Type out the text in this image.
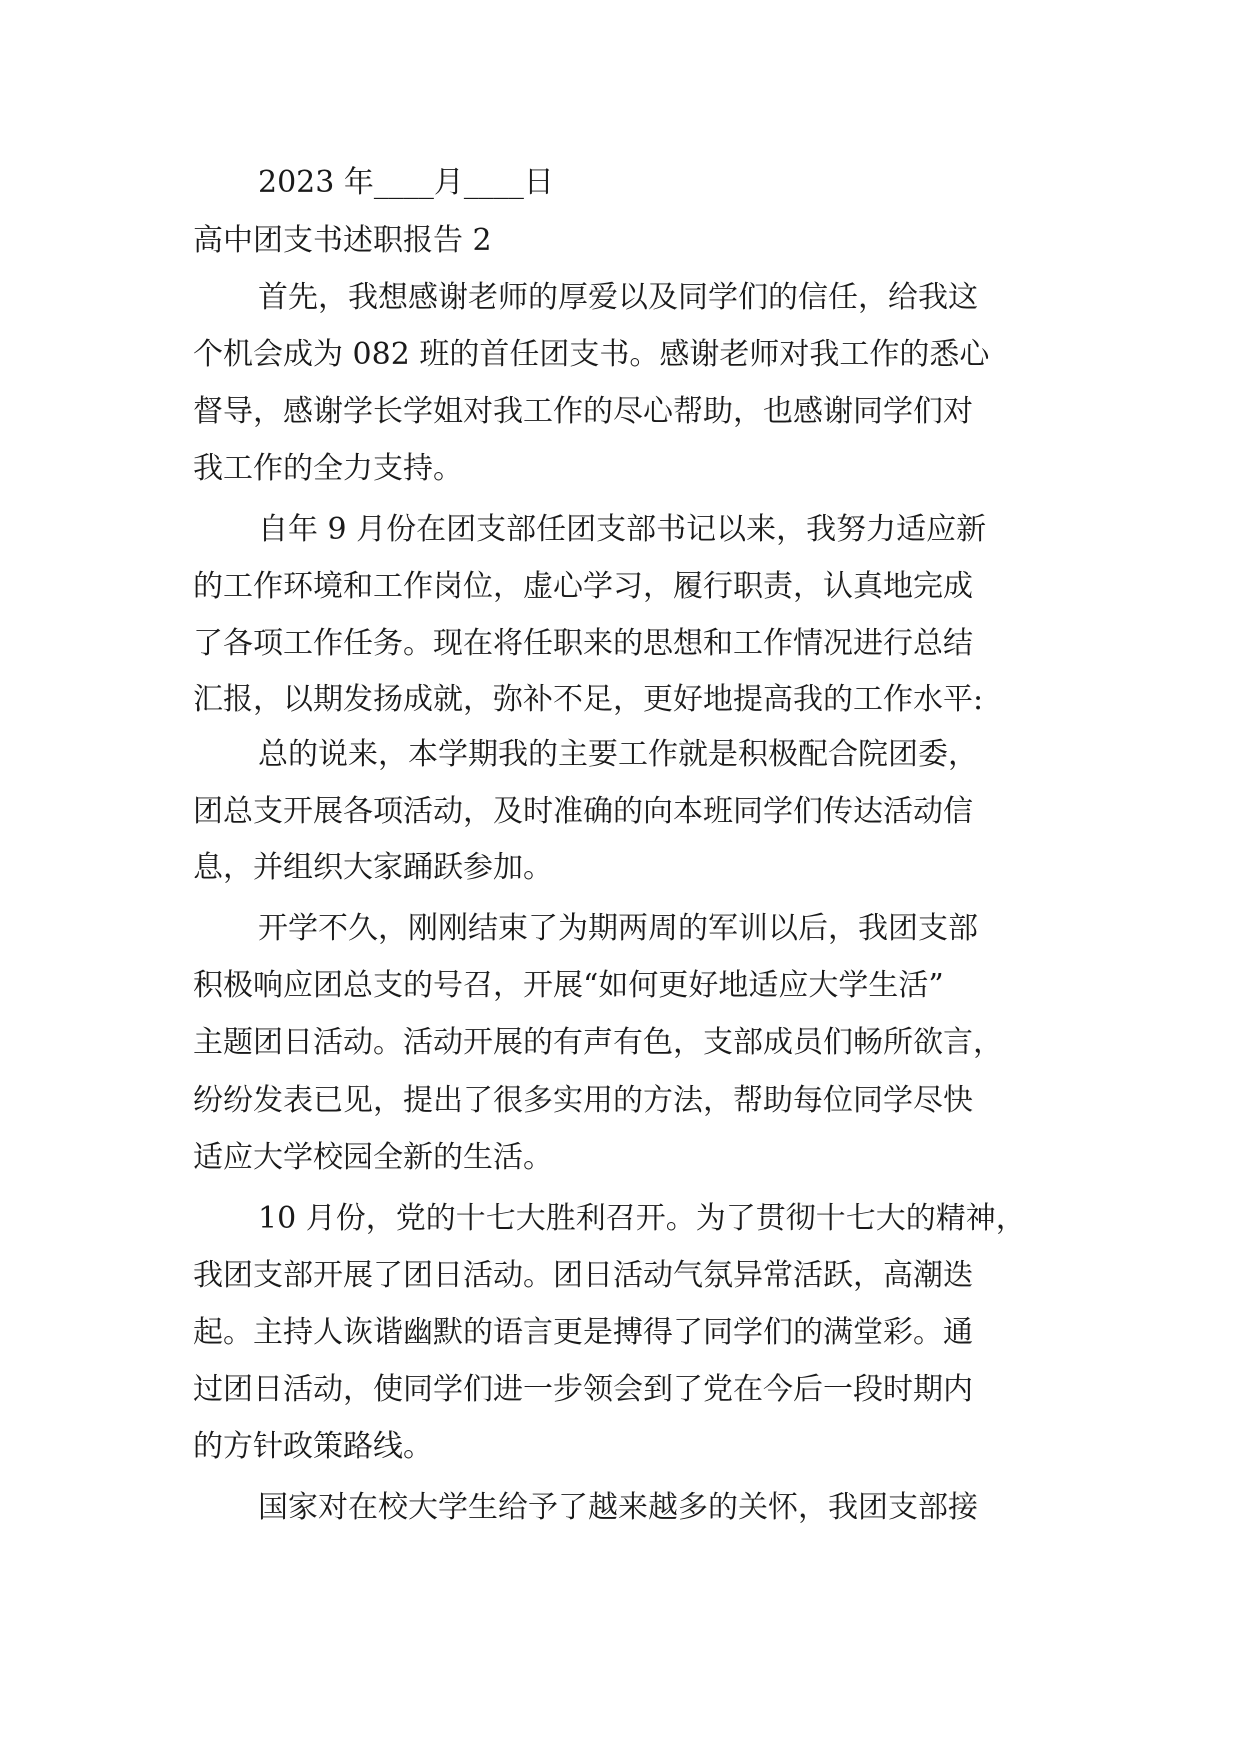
2023 年____月____日
高中团支书述职报告 2
首先，我想感谢老师的厚爱以及同学们的信任，给我这
个机会成为 082 班的首任团支书。感谢老师对我工作的悉心
督导，感谢学长学姐对我工作的尽心帮助，也感谢同学们对
我工作的全力支持。
自年 9 月份在团支部任团支部书记以来，我努力适应新
的工作环境和工作岗位，虚心学习，履行职责，认真地完成
了各项工作任务。现在将任职来的思想和工作情况进行总结
汇报，以期发扬成就，弥补不足，更好地提高我的工作水平:
总的说来，本学期我的主要工作就是积极配合院团委，
团总支开展各项活动，及时准确的向本班同学们传达活动信
息，并组织大家踊跃参加。
开学不久，刚刚结束了为期两周的军训以后，我团支部
积极响应团总支的号召，开展“如何更好地适应大学生活”
主题团日活动。活动开展的有声有色，支部成员们畅所欲言，
纷纷发表已见，提出了很多实用的方法，帮助每位同学尽快
适应大学校园全新的生活。
10 月份，党的十七大胜利召开。为了贯彻十七大的精神，
我团支部开展了团日活动。团日活动气氛异常活跃，高潮迭
起。主持人诙谐幽默的语言更是搏得了同学们的满堂彩。通
过团日活动，使同学们进一步领会到了党在今后一段时期内
的方针政策路线。
国家对在校大学生给予了越来越多的关怀，我团支部接
